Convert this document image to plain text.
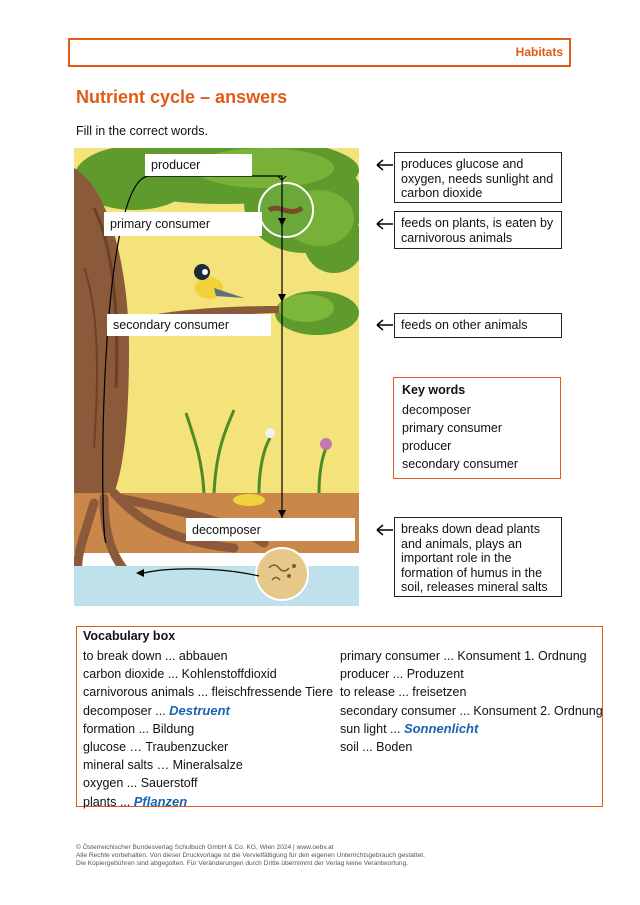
Habitats
Nutrient cycle – answers
Fill in the correct words.
producer
primary consumer
secondary consumer
decomposer
produces glucose and oxygen, needs sunlight and carbon dioxide
feeds on plants, is eaten by carnivorous animals
feeds on other animals
breaks down dead plants and animals, plays an important role in the formation of humus in the soil, releases mineral salts
Key words
decomposer
primary consumer
producer
secondary consumer
Vocabulary box
to break down ... abbauen
carbon dioxide ... Kohlenstoffdioxid
carnivorous animals ... fleischfressende Tiere
decomposer ... Destruent
formation ... Bildung
glucose … Traubenzucker
mineral salts … Mineralsalze
oxygen ... Sauerstoff
plants ... Pflanzen
primary consumer ... Konsument 1. Ordnung
producer ... Produzent
to release ... freisetzen
secondary consumer ... Konsument 2. Ordnung
sun light ... Sonnenlicht
soil ... Boden
© Österreichischer Bundesverlag Schulbuch GmbH & Co. KG, Wien 2024 | www.oebv.at
Alle Rechte vorbehalten. Von dieser Druckvorlage ist die Vervielfältigung für den eigenen Unterrichtsgebrauch gestattet.
Die Kopiergebühren sind abgegolten. Für Veränderungen durch Dritte übernimmt der Verlag keine Verantwortung.
